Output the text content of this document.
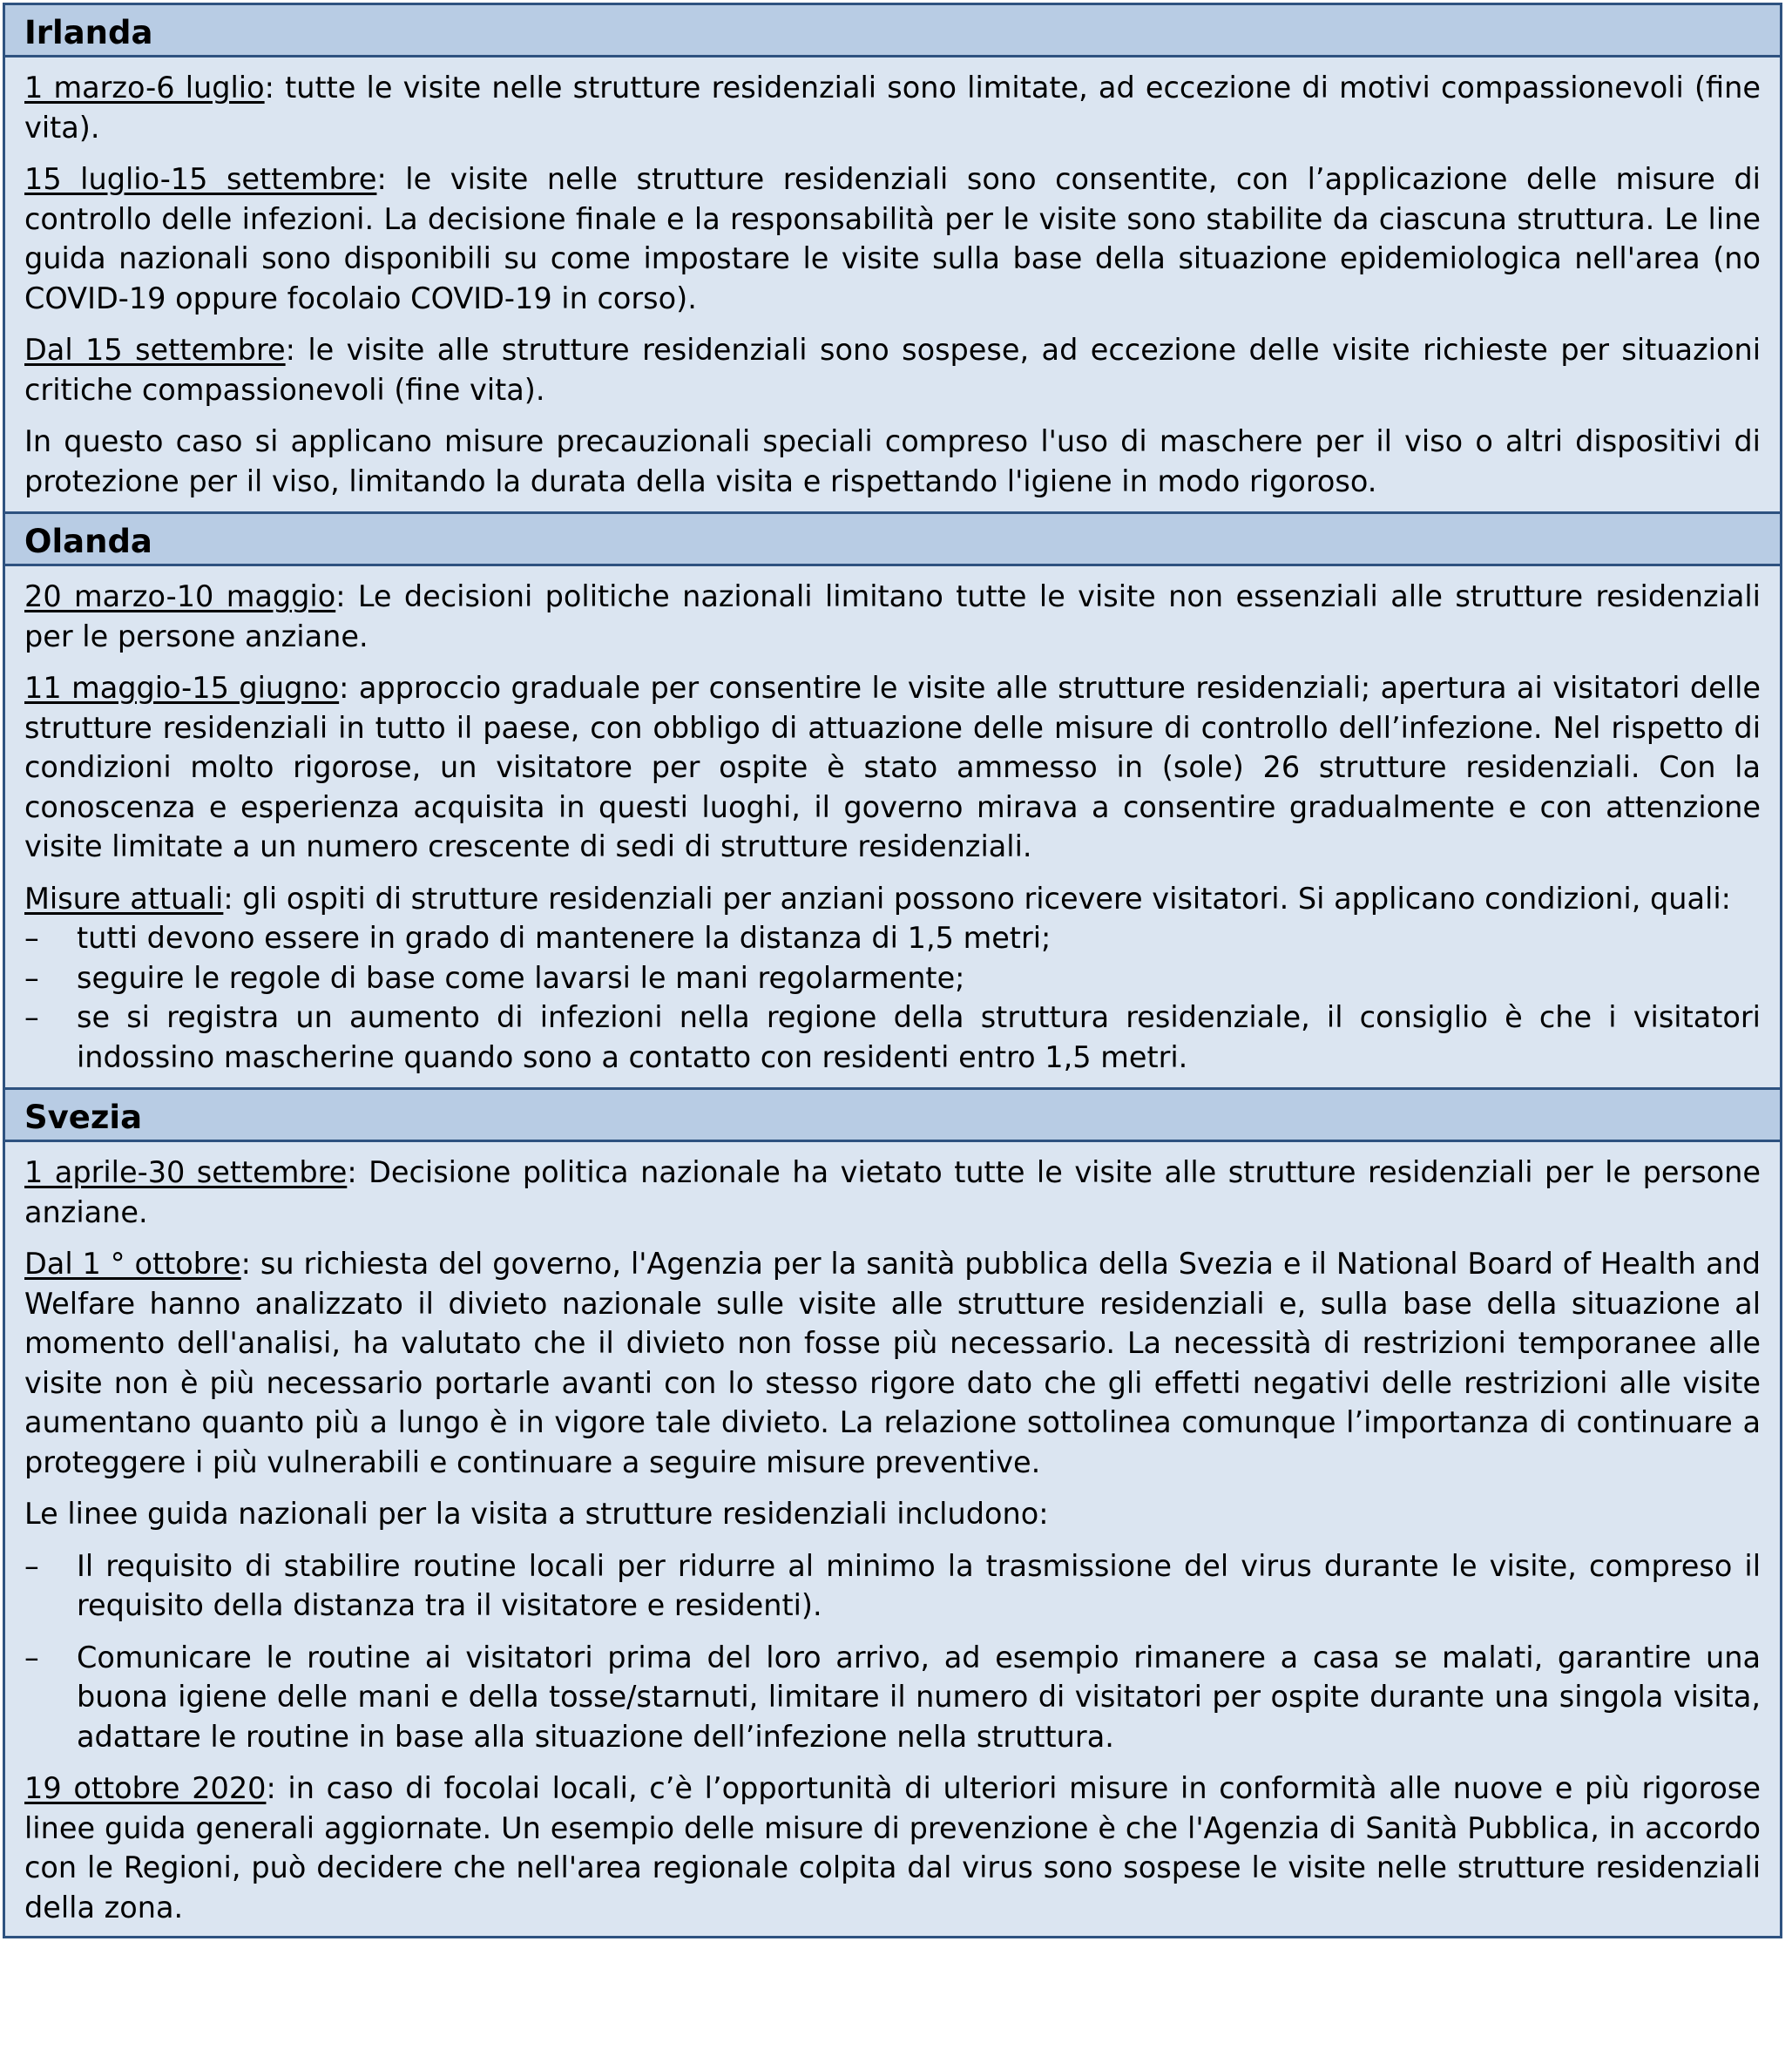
Irlanda

1 marzo-6 luglio: tutte le visite nelle strutture residenziali sono limitate, ad eccezione di motivi compassionevoli (fine vita).

15 luglio-15 settembre: le visite nelle strutture residenziali sono consentite, con l’applicazione delle misure di controllo delle infezioni. La decisione finale e la responsabilità per le visite sono stabilite da ciascuna struttura. Le line guida nazionali sono disponibili su come impostare le visite sulla base della situazione epidemiologica nell'area (no COVID-19 oppure focolaio COVID-19 in corso).

Dal 15 settembre: le visite alle strutture residenziali sono sospese, ad eccezione delle visite richieste per situazioni critiche compassionevoli (fine vita).

In questo caso si applicano misure precauzionali speciali compreso l'uso di maschere per il viso o altri dispositivi di protezione per il viso, limitando la durata della visita e rispettando l'igiene in modo rigoroso.

Olanda

20 marzo-10 maggio: Le decisioni politiche nazionali limitano tutte le visite non essenziali alle strutture residenziali per le persone anziane.

11 maggio-15 giugno: approccio graduale per consentire le visite alle strutture residenziali; apertura ai visitatori delle strutture residenziali in tutto il paese, con obbligo di attuazione delle misure di controllo dell’infezione. Nel rispetto di condizioni molto rigorose, un visitatore per ospite è stato ammesso in (sole) 26 strutture residenziali. Con la conoscenza e esperienza acquisita in questi luoghi, il governo mirava a consentire gradualmente e con attenzione visite limitate a un numero crescente di sedi di strutture residenziali.

Misure attuali: gli ospiti di strutture residenziali per anziani possono ricevere visitatori. Si applicano condizioni, quali:

– tutti devono essere in grado di mantenere la distanza di 1,5 metri;
– seguire le regole di base come lavarsi le mani regolarmente;
– se si registra un aumento di infezioni nella regione della struttura residenziale, il consiglio è che i visitatori indossino mascherine quando sono a contatto con residenti entro 1,5 metri.
Svezia

1 aprile-30 settembre: Decisione politica nazionale ha vietato tutte le visite alle strutture residenziali per le persone anziane.

Dal 1 ° ottobre: su richiesta del governo, l'Agenzia per la sanità pubblica della Svezia e il National Board of Health and Welfare hanno analizzato il divieto nazionale sulle visite alle strutture residenziali e, sulla base della situazione al momento dell'analisi, ha valutato che il divieto non fosse più necessario. La necessità di restrizioni temporanee alle visite non è più necessario portarle avanti con lo stesso rigore dato che gli effetti negativi delle restrizioni alle visite aumentano quanto più a lungo è in vigore tale divieto. La relazione sottolinea comunque l’importanza di continuare a proteggere i più vulnerabili e continuare a seguire misure preventive.

Le linee guida nazionali per la visita a strutture residenziali includono:

– Il requisito di stabilire routine locali per ridurre al minimo la trasmissione del virus durante le visite, compreso il requisito della distanza tra il visitatore e residenti).
– Comunicare le routine ai visitatori prima del loro arrivo, ad esempio rimanere a casa se malati, garantire una buona igiene delle mani e della tosse/starnuti, limitare il numero di visitatori per ospite durante una singola visita, adattare le routine in base alla situazione dell’infezione nella struttura.

19 ottobre 2020: in caso di focolai locali, c’è l’opportunità di ulteriori misure in conformità alle nuove e più rigorose linee guida generali aggiornate. Un esempio delle misure di prevenzione è che l'Agenzia di Sanità Pubblica, in accordo con le Regioni, può decidere che nell'area regionale colpita dal virus sono sospese le visite nelle strutture residenziali della zona.
